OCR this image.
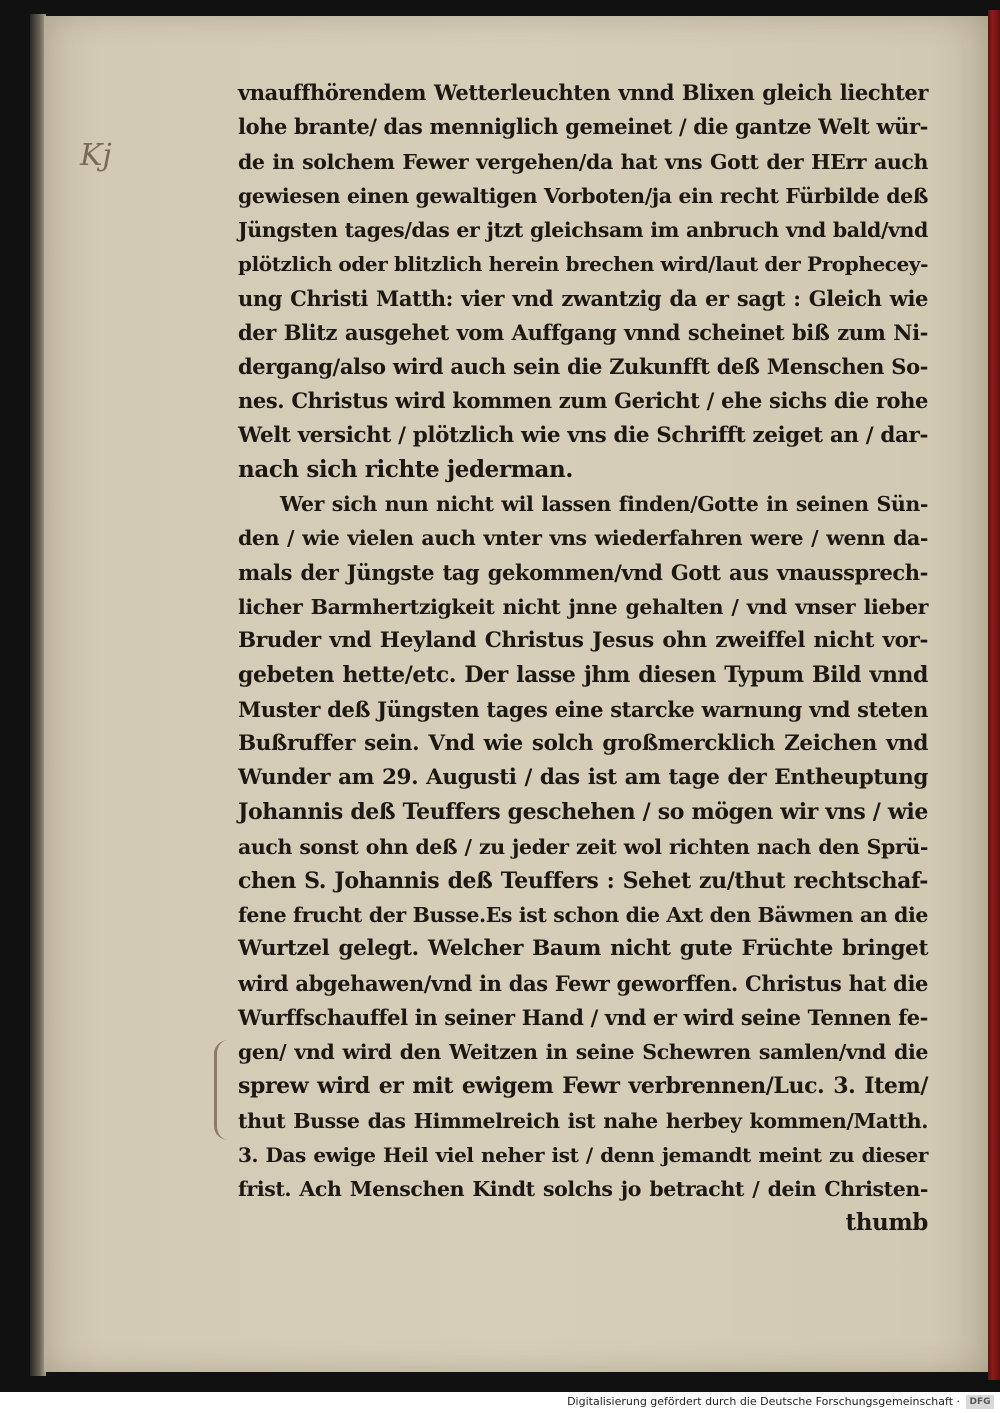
Kj
vnauffhörendem Wetterleuchten vnnd Blixen gleich liechter
lohe brante/ das menniglich gemeinet / die gantze Welt wür-
de in solchem Fewer vergehen/da hat vns Gott der HErr auch
gewiesen einen gewaltigen Vorboten/ja ein recht Fürbilde deß
Jüngsten tages/das er jtzt gleichsam im anbruch vnd bald/vnd
plötzlich oder blitzlich herein brechen wird/laut der Prophecey-
ung Christi Matth: vier vnd zwantzig da er sagt : Gleich wie
der Blitz ausgehet vom Auffgang vnnd scheinet biß zum Ni-
dergang/also wird auch sein die Zukunfft deß Menschen So-
nes. Christus wird kommen zum Gericht / ehe sichs die rohe
Welt versicht / plötzlich wie vns die Schrifft zeiget an / dar-
nach sich richte jederman.
Wer sich nun nicht wil lassen finden/Gotte in seinen Sün-
den / wie vielen auch vnter vns wiederfahren were / wenn da-
mals der Jüngste tag gekommen/vnd Gott aus vnaussprech-
licher Barmhertzigkeit nicht jnne gehalten / vnd vnser lieber
Bruder vnd Heyland Christus Jesus ohn zweiffel nicht vor-
gebeten hette/etc. Der lasse jhm diesen Typum Bild vnnd
Muster deß Jüngsten tages eine starcke warnung vnd steten
Bußruffer sein. Vnd wie solch großmercklich Zeichen vnd
Wunder am 29. Augusti / das ist am tage der Entheuptung
Johannis deß Teuffers geschehen / so mögen wir vns / wie
auch sonst ohn deß / zu jeder zeit wol richten nach den Sprü-
chen S. Johannis deß Teuffers : Sehet zu/thut rechtschaf-
fene frucht der Busse.Es ist schon die Axt den Bäwmen an die
Wurtzel gelegt. Welcher Baum nicht gute Früchte bringet
wird abgehawen/vnd in das Fewr geworffen. Christus hat die
Wurffschauffel in seiner Hand / vnd er wird seine Tennen fe-
gen/ vnd wird den Weitzen in seine Schewren samlen/vnd die
sprew wird er mit ewigem Fewr verbrennen/Luc. 3. Item/
thut Busse das Himmelreich ist nahe herbey kommen/Matth.
3. Das ewige Heil viel neher ist / denn jemandt meint zu dieser
frist. Ach Menschen Kindt solchs jo betracht / dein Christen-
thumb
Digitalisierung gefördert durch die Deutsche Forschungsgemeinschaft ·	DFG
